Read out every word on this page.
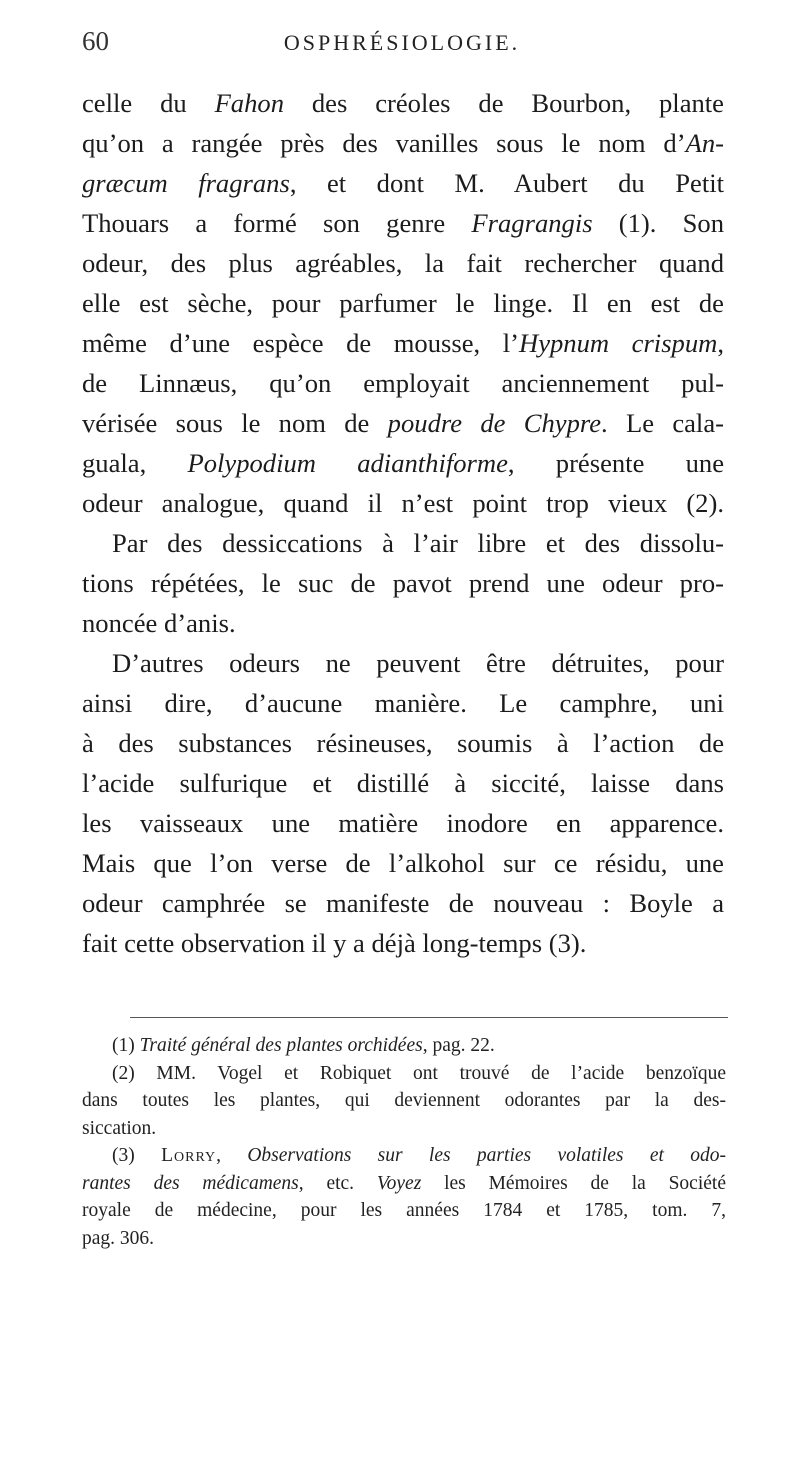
60	OSPHRÉSIOLOGIE.
celle du Fahon des créoles de Bourbon, plante
qu’on a rangée près des vanilles sous le nom d’An-
græcum fragrans, et dont M. Aubert du Petit
Thouars a formé son genre Fragrangis (1). Son
odeur, des plus agréables, la fait rechercher quand
elle est sèche, pour parfumer le linge. Il en est de
même d’une espèce de mousse, l’Hypnum crispum,
de Linnæus, qu’on employait anciennement pul-
vérisée sous le nom de poudre de Chypre. Le cala-
guala, Polypodium adianthiforme, présente une
odeur analogue, quand il n’est point trop vieux (2).
Par des dessiccations à l’air libre et des dissolu-
tions répétées, le suc de pavot prend une odeur pro-
noncée d’anis.
D’autres odeurs ne peuvent être détruites, pour
ainsi dire, d’aucune manière. Le camphre, uni
à des substances résineuses, soumis à l’action de
l’acide sulfurique et distillé à siccité, laisse dans
les vaisseaux une matière inodore en apparence.
Mais que l’on verse de l’alkohol sur ce résidu, une
odeur camphrée se manifeste de nouveau : Boyle a
fait cette observation il y a déjà long-temps (3).
(1) Traité général des plantes orchidées, pag. 22.
(2) MM. Vogel et Robiquet ont trouvé de l’acide benzoïque
dans toutes les plantes, qui deviennent odorantes par la des-
siccation.
(3) Lorry, Observations sur les parties volatiles et odo-
rantes des médicamens, etc. Voyez les Mémoires de la Société
royale de médecine, pour les années 1784 et 1785, tom. 7,
pag. 306.
